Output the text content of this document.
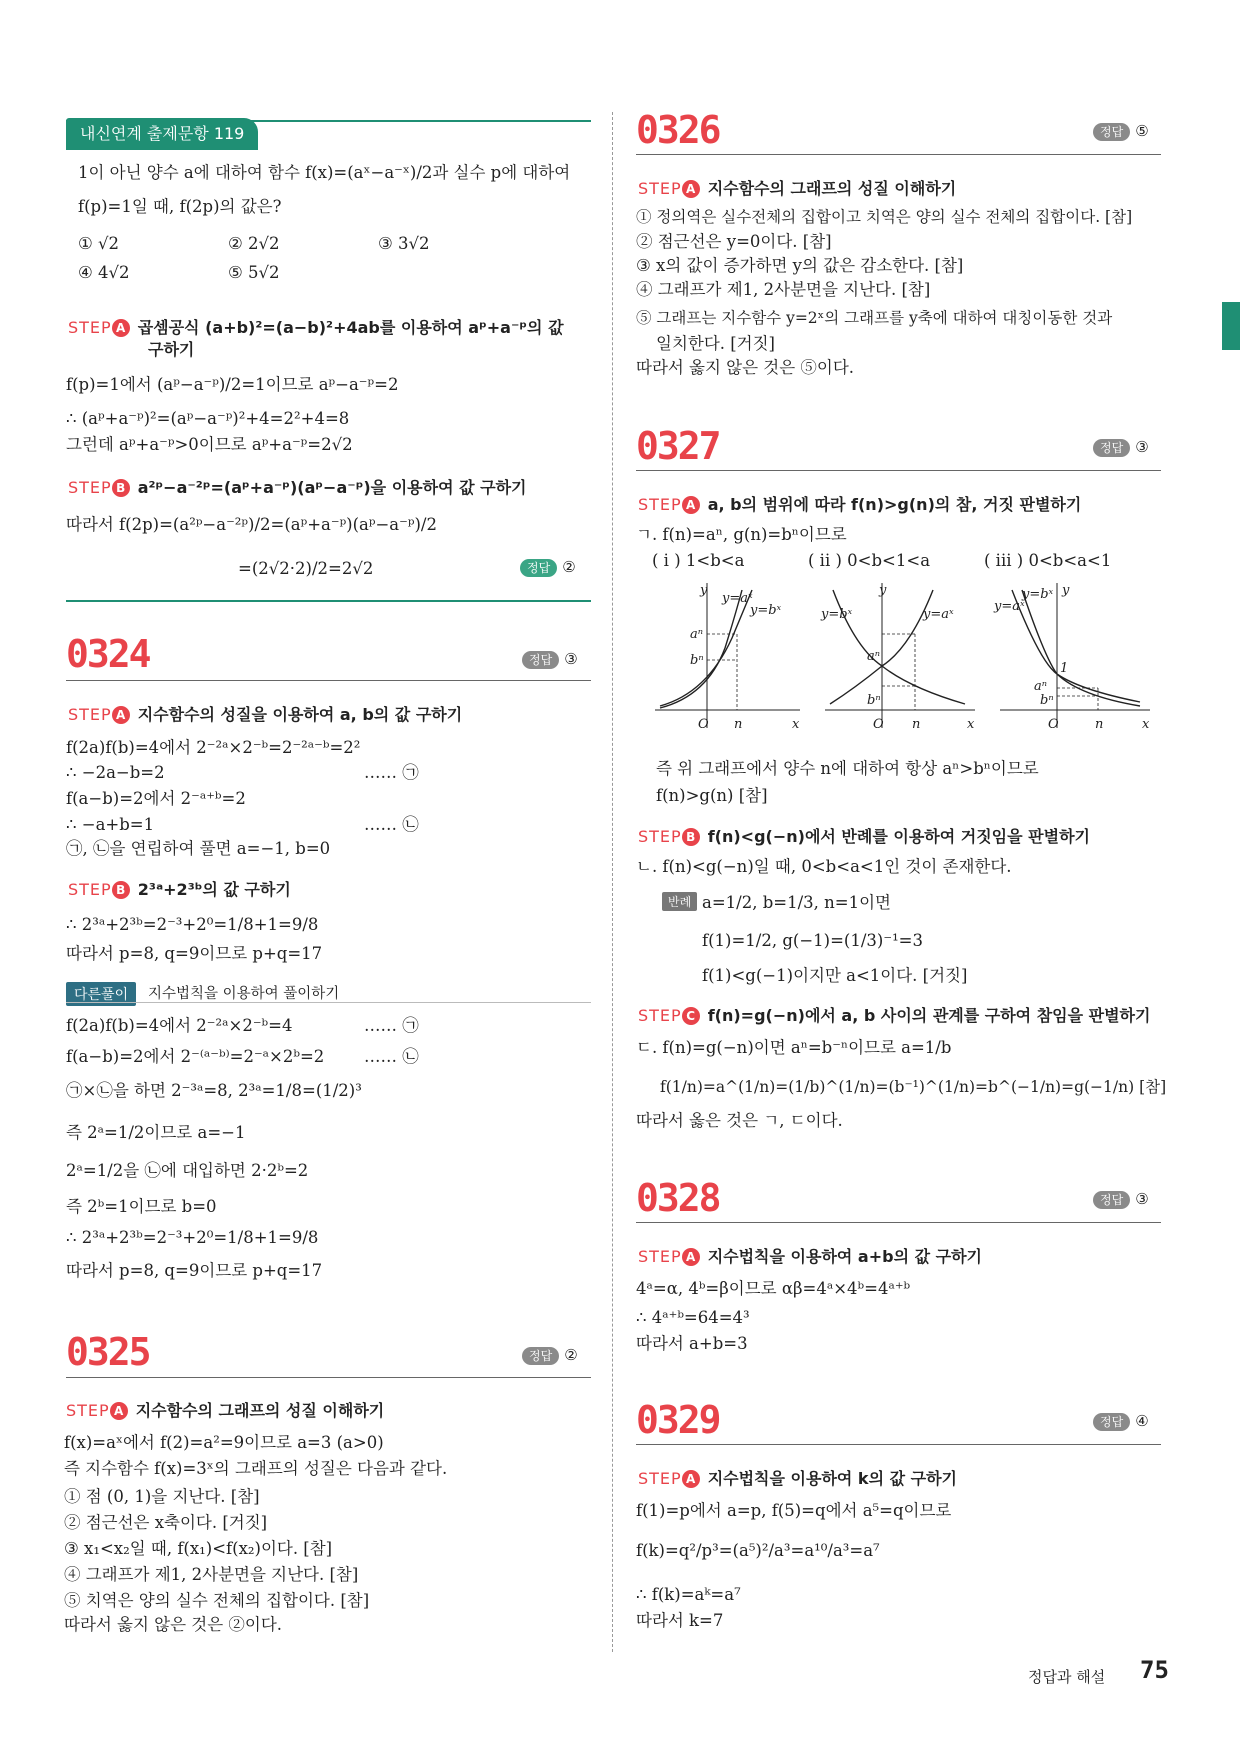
내신연계 출제문항 119
1이 아닌 양수 a에 대하여 함수 f(x)=(aˣ−a⁻ˣ)/2과 실수 p에 대하여
f(p)=1일 때, f(2p)의 값은?
① √2	② 2√2	③ 3√2
④ 4√2	⑤ 5√2
STEP A 곱셈공식 (a+b)²=(a−b)²+4ab를 이용하여 aᵖ+a⁻ᵖ의 값
구하기
f(p)=1에서 (aᵖ−a⁻ᵖ)/2=1이므로 aᵖ−a⁻ᵖ=2
∴ (aᵖ+a⁻ᵖ)²=(aᵖ−a⁻ᵖ)²+4=2²+4=8
그런데 aᵖ+a⁻ᵖ>0이므로 aᵖ+a⁻ᵖ=2√2
STEP B a²ᵖ−a⁻²ᵖ=(aᵖ+a⁻ᵖ)(aᵖ−a⁻ᵖ)을 이용하여 값 구하기
따라서 f(2p)=(a²ᵖ−a⁻²ᵖ)/2=(aᵖ+a⁻ᵖ)(aᵖ−a⁻ᵖ)/2
=(2√2·2)/2=2√2	정답 ②
0324	정답 ③
STEP A 지수함수의 성질을 이용하여 a, b의 값 구하기
f(2a)f(b)=4에서 2⁻²ᵃ×2⁻ᵇ=2⁻²ᵃ⁻ᵇ=2²
∴ −2a−b=2	…… ㉠
f(a−b)=2에서 2⁻ᵃ⁺ᵇ=2
∴ −a+b=1	…… ㉡
㉠, ㉡을 연립하여 풀면 a=−1, b=0
STEP B 2³ᵃ+2³ᵇ의 값 구하기
∴ 2³ᵃ+2³ᵇ=2⁻³+2⁰=1/8+1=9/8
따라서 p=8, q=9이므로 p+q=17
다른풀이	지수법칙을 이용하여 풀이하기
f(2a)f(b)=4에서 2⁻²ᵃ×2⁻ᵇ=4	…… ㉠
f(a−b)=2에서 2⁻⁽ᵃ⁻ᵇ⁾=2⁻ᵃ×2ᵇ=2 …… ㉡
㉠×㉡을 하면 2⁻³ᵃ=8, 2³ᵃ=1/8=(1/2)³
즉 2ᵃ=1/2이므로 a=−1
2ᵃ=1/2을 ㉡에 대입하면 2·2ᵇ=2
즉 2ᵇ=1이므로 b=0
∴ 2³ᵃ+2³ᵇ=2⁻³+2⁰=1/8+1=9/8
따라서 p=8, q=9이므로 p+q=17
0325	정답 ②
STEP A 지수함수의 그래프의 성질 이해하기
f(x)=aˣ에서 f(2)=a²=9이므로 a=3 (a>0)
즉 지수함수 f(x)=3ˣ의 그래프의 성질은 다음과 같다.
① 점 (0, 1)을 지난다. [참]
② 점근선은 x축이다. [거짓]
③ x₁<x₂일 때, f(x₁)<f(x₂)이다. [참]
④ 그래프가 제1, 2사분면을 지난다. [참]
⑤ 치역은 양의 실수 전체의 집합이다. [참]
따라서 옳지 않은 것은 ②이다.
0326	정답 ⑤
STEP A 지수함수의 그래프의 성질 이해하기
① 정의역은 실수전체의 집합이고 치역은 양의 실수 전체의 집합이다. [참]
② 점근선은 y=0이다. [참]
③ x의 값이 증가하면 y의 값은 감소한다. [참]
④ 그래프가 제1, 2사분면을 지난다. [참]
⑤ 그래프는 지수함수 y=2ˣ의 그래프를 y축에 대하여 대칭이동한 것과
일치한다. [거짓]
따라서 옳지 않은 것은 ⑤이다.
0327	정답 ③
STEP A a, b의 범위에 따라 f(n)>g(n)의 참, 거짓 판별하기
ㄱ. f(n)=aⁿ, g(n)=bⁿ이므로
( i ) 1<b<a	( ii ) 0<b<1<a	( iii ) 0<b<a<1
y
y=aˣ
y=bˣ
aⁿ
bⁿ
O n	x
y
y=bˣ	y=aˣ
aⁿ
bⁿ
O n	x
y=aˣ
y=bˣ y
1
aⁿ
bⁿ
O	n	x
즉 위 그래프에서 양수 n에 대하여 항상 aⁿ>bⁿ이므로
f(n)>g(n) [참]
STEP B f(n)<g(−n)에서 반례를 이용하여 거짓임을 판별하기
ㄴ. f(n)<g(−n)일 때, 0<b<a<1인 것이 존재한다.
반례 a=1/2, b=1/3, n=1이면
f(1)=1/2, g(−1)=(1/3)⁻¹=3
f(1)<g(−1)이지만 a<1이다. [거짓]
STEP C f(n)=g(−n)에서 a, b 사이의 관계를 구하여 참임을 판별하기
ㄷ. f(n)=g(−n)이면 aⁿ=b⁻ⁿ이므로 a=1/b
f(1/n)=a^(1/n)=(1/b)^(1/n)=(b⁻¹)^(1/n)=b^(−1/n)=g(−1/n) [참]
따라서 옳은 것은 ㄱ, ㄷ이다.
0328	정답 ③
STEP A 지수법칙을 이용하여 a+b의 값 구하기
4ᵃ=α, 4ᵇ=β이므로 αβ=4ᵃ×4ᵇ=4ᵃ⁺ᵇ
∴ 4ᵃ⁺ᵇ=64=4³
따라서 a+b=3
0329	정답 ④
STEP A 지수법칙을 이용하여 k의 값 구하기
f(1)=p에서 a=p, f(5)=q에서 a⁵=q이므로
f(k)=q²/p³=(a⁵)²/a³=a¹⁰/a³=a⁷
∴ f(k)=aᵏ=a⁷
따라서 k=7
정답과 해설 75
